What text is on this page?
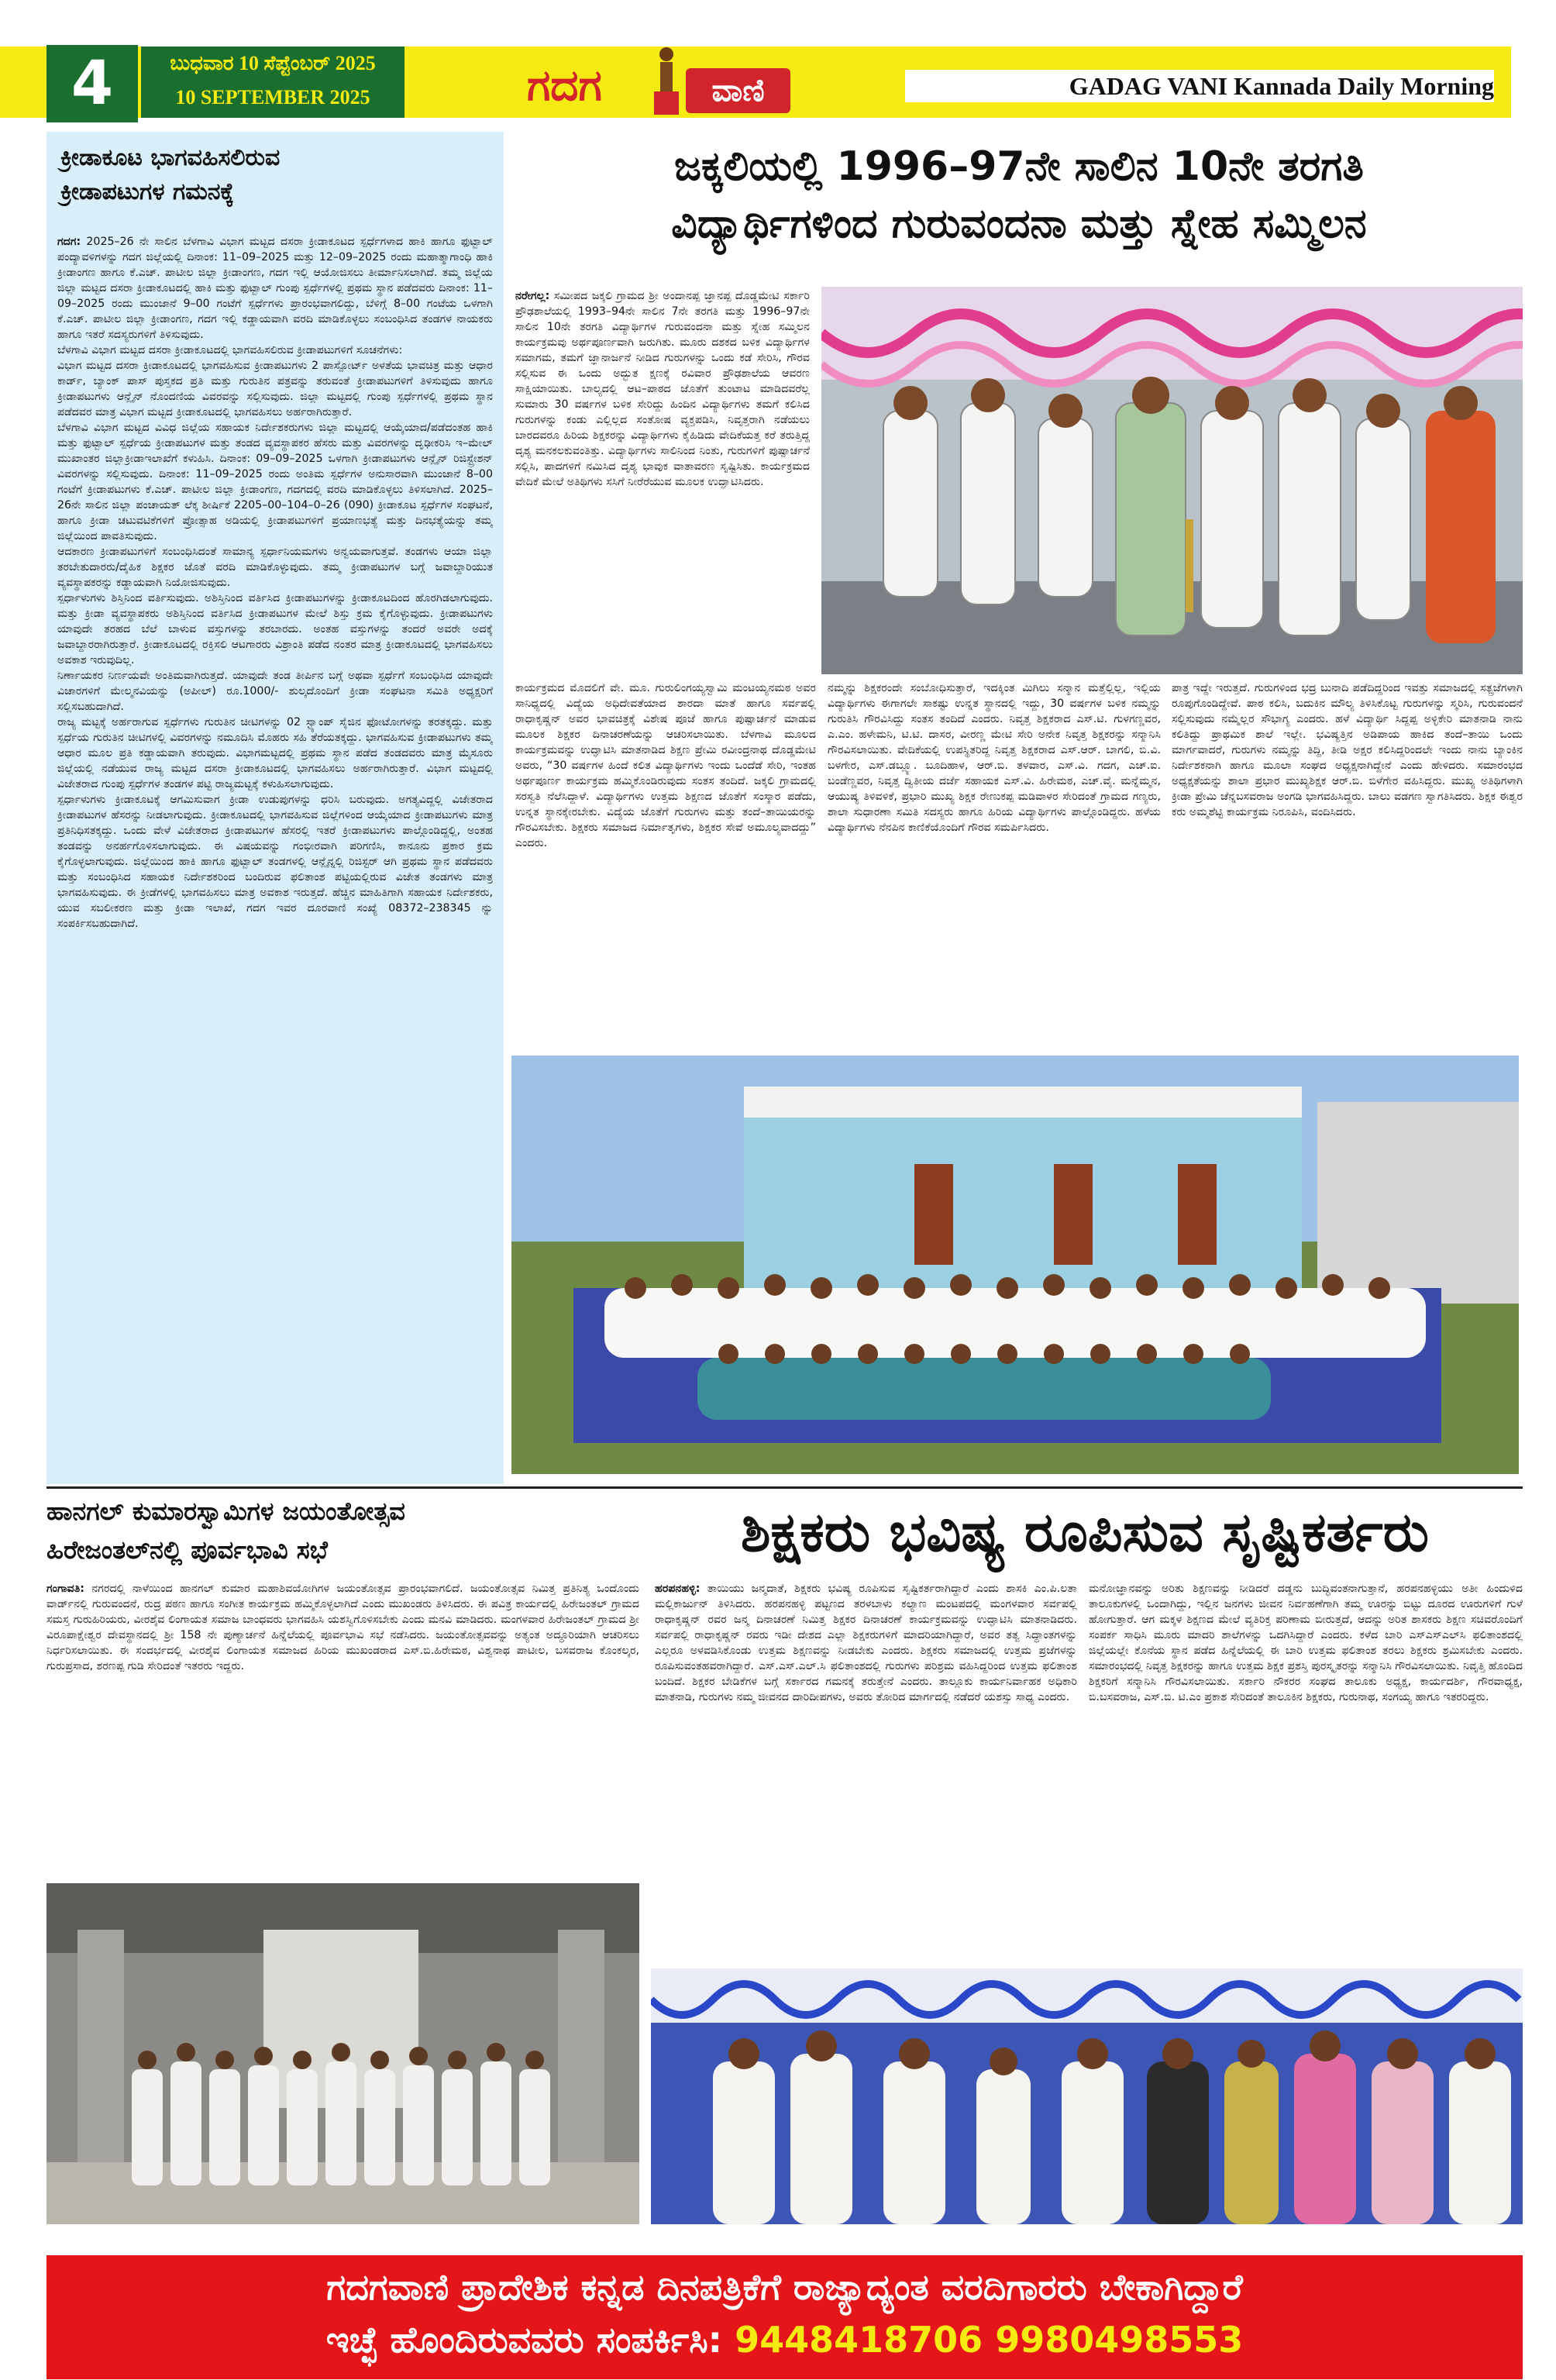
4	ಬುಧವಾರ 10 ಸೆಪ್ಟೆಂಬರ್ 2025
10 SEPTEMBER 2025	ಗದಗ	ವಾಣಿ	GADAG VANI Kannada Daily Morning
ಕ್ರೀಡಾಕೂಟ ಭಾಗವಹಿಸಲಿರುವ
ಕ್ರೀಡಾಪಟುಗಳ ಗಮನಕ್ಕೆ

ಗದಗ: 2025–26 ನೇ ಸಾಲಿನ ಬೆಳಗಾವಿ ವಿಭಾಗ ಮಟ್ಟದ ದಸರಾ ಕ್ರೀಡಾಕೂಟದ ಸ್ಪರ್ಧೆಗಳಾದ ಹಾಕಿ ಹಾಗೂ ಫುಟ್ಬಾಲ್ ಪಂದ್ಯಾವಳಿಗಳನ್ನು ಗದಗ ಜಿಲ್ಲೆಯಲ್ಲಿ ದಿನಾಂಕ: 11–09–2025 ಮತ್ತು 12–09–2025 ರಂದು ಮಹಾತ್ಮಾಗಾಂಧಿ ಹಾಕಿ ಕ್ರೀಡಾಂಗಣ ಹಾಗೂ ಕೆ.ಎಚ್. ಪಾಟೀಲ ಜಿಲ್ಲಾ ಕ್ರೀಡಾಂಗಣ, ಗದಗ ಇಲ್ಲಿ ಆಯೋಜಿಸಲು ತೀರ್ಮಾನಿಸಲಾಗಿದೆ. ತಮ್ಮ ಜಿಲ್ಲೆಯ ಜಿಲ್ಲಾ ಮಟ್ಟದ ದಸರಾ ಕ್ರೀಡಾಕೂಟದಲ್ಲಿ ಹಾಕಿ ಮತ್ತು ಫುಟ್ಬಾಲ್ ಗುಂಪು ಸ್ಪರ್ಧೆಗಳಲ್ಲಿ ಪ್ರಥಮ ಸ್ಥಾನ ಪಡೆದವರು ದಿನಾಂಕ: 11–09–2025 ರಂದು ಮುಂಜಾನೆ 9–00 ಗಂಟೆಗೆ ಸ್ಪರ್ಧೆಗಳು ಪ್ರಾರಂಭವಾಗಲಿದ್ದು, ಬೆಳಿಗ್ಗೆ 8–00 ಗಂಟೆಯ ಒಳಗಾಗಿ ಕೆ.ಎಚ್. ಪಾಟೀಲ ಜಿಲ್ಲಾ ಕ್ರೀಡಾಂಗಣ, ಗದಗ ಇಲ್ಲಿ ಕಡ್ಡಾಯವಾಗಿ ವರದಿ ಮಾಡಿಕೊಳ್ಳಲು ಸಂಬಂಧಿಸಿದ ತಂಡಗಳ ನಾಯಕರು ಹಾಗೂ ಇತರೆ ಸದಸ್ಯರುಗಳಿಗೆ ತಿಳಿಸುವುದು.

ಬೆಳಗಾವಿ ವಿಭಾಗ ಮಟ್ಟದ ದಸರಾ ಕ್ರೀಡಾಕೂಟದಲ್ಲಿ ಭಾಗವಹಿಸಲಿರುವ ಕ್ರೀಡಾಪಟುಗಳಿಗೆ ಸೂಚನೆಗಳು:

ವಿಭಾಗ ಮಟ್ಟದ ದಸರಾ ಕ್ರೀಡಾಕೂಟದಲ್ಲಿ ಭಾಗವಹಿಸುವ ಕ್ರೀಡಾಪಟುಗಳು 2 ಪಾಸ್ಪೋರ್ಟ್ ಅಳತೆಯ ಭಾವಚಿತ್ರ ಮತ್ತು ಆಧಾರ ಕಾರ್ಡ್, ಬ್ಯಾಂಕ್ ಪಾಸ್ ಪುಸ್ತಕದ ಪ್ರತಿ ಮತ್ತು ಗುರುತಿನ ಪತ್ರವನ್ನು ತರುವಂತೆ ಕ್ರೀಡಾಪಟುಗಳಿಗೆ ತಿಳಿಸುವುದು ಹಾಗೂ ಕ್ರೀಡಾಪಟುಗಳು ಆನ್ಲೈನ್ ನೊಂದಣಿಯ ವಿವರವನ್ನು ಸಲ್ಲಿಸುವುದು. ಜಿಲ್ಲಾ ಮಟ್ಟದಲ್ಲಿ ಗುಂಪು ಸ್ಪರ್ಧೆಗಳಲ್ಲಿ ಪ್ರಥಮ ಸ್ಥಾನ ಪಡೆದವರ ಮಾತ್ರ ವಿಭಾಗ ಮಟ್ಟದ ಕ್ರೀಡಾಕೂಟದಲ್ಲಿ ಭಾಗವಹಿಸಲು ಅರ್ಹರಾಗಿರುತ್ತಾರೆ.

ಬೆಳಗಾವಿ ವಿಭಾಗ ಮಟ್ಟದ ವಿವಿಧ ಜಿಲ್ಲೆಯ ಸಹಾಯಕ ನಿರ್ದೇಶಕರುಗಳು ಜಿಲ್ಲಾ ಮಟ್ಟದಲ್ಲಿ ಆಯ್ಕೆಯಾದ/ಪಡೆದಂತಹ ಹಾಕಿ ಮತ್ತು ಫುಟ್ಬಾಲ್ ಸ್ಪರ್ಧೆಯ ಕ್ರೀಡಾಪಟುಗಳ ಮತ್ತು ತಂಡದ ವ್ಯವಸ್ಥಾಪಕರ ಹೆಸರು ಮತ್ತು ವಿವರಗಳನ್ನು ದೃಢೀಕರಿಸಿ ಇ–ಮೇಲ್ ಮುಖಾಂತರ ಜಿಲ್ಲಾಕ್ರೀಡಾಇಲಾಖೆಗೆ ಕಳುಹಿಸಿ. ದಿನಾಂಕ: 09–09–2025 ಒಳಗಾಗಿ ಕ್ರೀಡಾಪಟುಗಳು ಆನ್ಲೈನ್ ರಿಜಿಸ್ಟ್ರೇಶನ್ ವಿವರಗಳನ್ನು ಸಲ್ಲಿಸುವುದು. ದಿನಾಂಕ: 11–09–2025 ರಂದು ಅಂತಿಮ ಸ್ಪರ್ಧೆಗಳ ಅನುಸಾರವಾಗಿ ಮುಂಜಾನೆ 8–00 ಗಂಟೆಗೆ ಕ್ರೀಡಾಪಟುಗಳು ಕೆ.ಎಚ್. ಪಾಟೀಲ ಜಿಲ್ಲಾ ಕ್ರೀಡಾಂಗಣ, ಗದಗದಲ್ಲಿ ವರದಿ ಮಾಡಿಕೊಳ್ಳಲು ತಿಳಿಸಲಾಗಿದೆ. 2025–26ನೇ ಸಾಲಿನ ಜಿಲ್ಲಾ ಪಂಚಾಯತ್ ಲೆಕ್ಕ ಶೀರ್ಷಿಕೆ 2205–00–104–0–26 (090) ಕ್ರೀಡಾಕೂಟ ಸ್ಪರ್ಧೆಗಳ ಸಂಘಟನೆ, ಹಾಗೂ ಕ್ರೀಡಾ ಚಟುವಟಿಕೆಗಳಿಗೆ ಪ್ರೋತ್ಸಾಹ ಅಡಿಯಲ್ಲಿ ಕ್ರೀಡಾಪಟುಗಳಿಗೆ ಪ್ರಯಾಣಭತ್ಯೆ ಮತ್ತು ದಿನಭತ್ಯೆಯನ್ನು ತಮ್ಮ ಜಿಲ್ಲೆಯಿಂದ ಪಾವತಿಸುವುದು.

ಆದಕಾರಣ ಕ್ರೀಡಾಪಟುಗಳಿಗೆ ಸಂಬಂಧಿಸಿದಂತೆ ಸಾಮಾನ್ಯ ಸ್ಪರ್ಧಾನಿಯಮಗಳು ಅನ್ವಯವಾಗುತ್ತವೆ. ತಂಡಗಳು ಆಯಾ ಜಿಲ್ಲಾ ತರಬೇತುದಾರರು/ದೈಹಿಕ ಶಿಕ್ಷಕರ ಜೊತೆ ವರದಿ ಮಾಡಿಕೊಳ್ಳುವುದು. ತಮ್ಮ ಕ್ರೀಡಾಪಟುಗಳ ಬಗ್ಗೆ ಜವಾಬ್ದಾರಿಯುತ ವ್ಯವಸ್ಥಾಪಕರನ್ನು ಕಡ್ಡಾಯವಾಗಿ ನಿಯೋಜಿಸುವುದು.

ಸ್ಪರ್ಧಾಳುಗಳು ಶಿಸ್ತಿನಿಂದ ವರ್ತಿಸುವುದು. ಅಶಿಸ್ತಿನಿಂದ ವರ್ತಿಸಿದ ಕ್ರೀಡಾಪಟುಗಳನ್ನು ಕ್ರೀಡಾಕೂಟದಿಂದ ಹೊರಗಿಡಲಾಗುವುದು. ಮತ್ತು ಕ್ರೀಡಾ ವ್ಯವಸ್ಥಾಪಕರು ಅಶಿಸ್ತಿನಿಂದ ವರ್ತಿಸಿದ ಕ್ರೀಡಾಪಟುಗಳ ಮೇಲೆ ಶಿಸ್ತು ಕ್ರಮ ಕೈಗೊಳ್ಳುವುದು. ಕ್ರೀಡಾಪಟುಗಳು ಯಾವುದೇ ತರಹದ ಬೆಲೆ ಬಾಳುವ ವಸ್ತುಗಳನ್ನು ತರಬಾರದು. ಅಂತಹ ವಸ್ತುಗಳನ್ನು ತಂದರೆ ಅವರೇ ಅದಕ್ಕೆ ಜವಾಬ್ದಾರರಾಗಿರುತ್ತಾರೆ. ಕ್ರೀಡಾಕೂಟದಲ್ಲಿ ರಕ್ತಿಸಲಿ ಆಟಗಾರರು ವಿಶ್ರಾಂತಿ ಪಡೆದ ನಂತರ ಮಾತ್ರ ಕ್ರೀಡಾಕೂಟದಲ್ಲಿ ಭಾಗವಹಿಸಲು ಅವಕಾಶ ಇರುವುದಿಲ್ಲ.

ನಿರ್ಣಾಯಕರ ನಿರ್ಣಯವೇ ಅಂತಿಮವಾಗಿರುತ್ತದೆ. ಯಾವುದೇ ತಂಡ ತೀರ್ಪಿನ ಬಗ್ಗೆ ಅಥವಾ ಸ್ಪರ್ಧೆಗೆ ಸಂಬಂಧಿಸಿದ ಯಾವುದೇ ವಿಚಾರಗಳಿಗೆ ಮೇಲ್ಮನವಿಯನ್ನು (ಅಪೀಲ್) ರೂ.1000/- ಶುಲ್ಕದೊಂದಿಗೆ ಕ್ರೀಡಾ ಸಂಘಟನಾ ಸಮಿತಿ ಅಧ್ಯಕ್ಷರಿಗೆ ಸಲ್ಲಿಸಬಹುದಾಗಿದೆ.

ರಾಜ್ಯ ಮಟ್ಟಕ್ಕೆ ಅರ್ಹರಾಗುವ ಸ್ಪರ್ಧೆಗಳು ಗುರುತಿನ ಚೀಟಿಗಳನ್ನು 02 ಸ್ಟ್ಯಾಂಪ್ ಸೈಜಿನ ಫೋಟೋಗಳನ್ನು ತರತಕ್ಕದ್ದು. ಮತ್ತು ಸ್ಪರ್ಧೆಯ ಗುರುತಿನ ಚೀಟಿಗಳಲ್ಲಿ ವಿವರಗಳನ್ನು ನಮೂದಿಸಿ ಮೊಹರು ಸಹಿ ತೆರೆಯತಕ್ಕದ್ದು. ಭಾಗವಹಿಸುವ ಕ್ರೀಡಾಪಟುಗಳು ತಮ್ಮ ಆಧಾರ ಮೂಲ ಪ್ರತಿ ಕಡ್ಡಾಯವಾಗಿ ತರುವುದು. ವಿಭಾಗಮಟ್ಟದಲ್ಲಿ ಪ್ರಥಮ ಸ್ಥಾನ ಪಡೆದ ತಂಡದವರು ಮಾತ್ರ ಮೈಸೂರು ಜಿಲ್ಲೆಯಲ್ಲಿ ನಡೆಯುವ ರಾಜ್ಯ ಮಟ್ಟದ ದಸರಾ ಕ್ರೀಡಾಕೂಟದಲ್ಲಿ ಭಾಗವಹಿಸಲು ಅರ್ಹರಾಗಿರುತ್ತಾರೆ. ವಿಭಾಗ ಮಟ್ಟದಲ್ಲಿ ವಿಜೇತರಾದ ಗುಂಪು ಸ್ಪರ್ಧೆಗಳ ತಂಡಗಳ ಪಟ್ಟಿ ರಾಜ್ಯಮಟ್ಟಕ್ಕೆ ಕಳುಹಿಸಲಾಗುವುದು.

ಸ್ಪರ್ಧಾಳುಗಳು ಕ್ರೀಡಾಕೂಟಕ್ಕೆ ಆಗಮಿಸುವಾಗ ಕ್ರೀಡಾ ಉಡುಪುಗಳನ್ನು ಧರಿಸಿ ಬರುವುದು. ಅಗತ್ಯವಿದ್ದಲ್ಲಿ ವಿಜೇತರಾದ ಕ್ರೀಡಾಪಟುಗಳ ಹೆಸರನ್ನು ನೀಡಲಾಗುವುದು. ಕ್ರೀಡಾಕೂಟದಲ್ಲಿ ಭಾಗವಹಿಸುವ ಜಿಲ್ಲೆಗಳಿಂದ ಆಯ್ಕೆಯಾದ ಕ್ರೀಡಾಪಟುಗಳು ಮಾತ್ರ ಪ್ರತಿನಿಧಿಸತಕ್ಕದ್ದು. ಒಂದು ವೇಳೆ ವಿಜೇತರಾದ ಕ್ರೀಡಾಪಟುಗಳ ಹೆಸರಲ್ಲಿ ಇತರೆ ಕ್ರೀಡಾಪಟುಗಳು ಪಾಲ್ಗೊಂಡಿದ್ದಲ್ಲಿ, ಅಂತಹ ತಂಡವನ್ನು ಅನರ್ಹಗೊಳಿಸಲಾಗುವುದು. ಈ ವಿಷಯವನ್ನು ಗಂಭೀರವಾಗಿ ಪರಿಗಣಿಸಿ, ಕಾನೂನು ಪ್ರಕಾರ ಕ್ರಮ ಕೈಗೊಳ್ಳಲಾಗುವುದು. ಜಿಲ್ಲೆಯಿಂದ ಹಾಕಿ ಹಾಗೂ ಫುಟ್ಬಾಲ್ ತಂಡಗಳಲ್ಲಿ ಆನ್ಲೈನ್ನಲ್ಲಿ ರಿಜಿಸ್ಟರ್ ಆಗಿ ಪ್ರಥಮ ಸ್ಥಾನ ಪಡೆದವರು ಮತ್ತು ಸಂಬಂಧಿಸಿದ ಸಹಾಯಕ ನಿರ್ದೇಶಕರಿಂದ ಬಂದಿರುವ ಫಲಿತಾಂಶ ಪಟ್ಟಿಯಲ್ಲಿರುವ ವಿಜೇತ ತಂಡಗಳು ಮಾತ್ರ ಭಾಗವಹಿಸುವುದು. ಈ ಕ್ರೀಡೆಗಳಲ್ಲಿ ಭಾಗವಹಿಸಲು ಮಾತ್ರ ಅವಕಾಶ ಇರುತ್ತದೆ. ಹೆಚ್ಚಿನ ಮಾಹಿತಿಗಾಗಿ ಸಹಾಯಕ ನಿರ್ದೇಶಕರು, ಯುವ ಸಬಲೀಕರಣ ಮತ್ತು ಕ್ರೀಡಾ ಇಲಾಖೆ, ಗದಗ ಇವರ ದೂರವಾಣಿ ಸಂಖ್ಯೆ 08372–238345 ನ್ನು ಸಂಪರ್ಕಿಸಬಹುದಾಗಿದೆ.

ಜಕ್ಕಲಿಯಲ್ಲಿ 1996–97ನೇ ಸಾಲಿನ 10ನೇ ತರಗತಿ
ವಿದ್ಯಾರ್ಥಿಗಳಿಂದ ಗುರುವಂದನಾ ಮತ್ತು ಸ್ನೇಹ ಸಮ್ಮಿಲನ

ನರೇಗಲ್ಲ: ಸಮೀಪದ ಜಕ್ಕಲಿ ಗ್ರಾಮದ ಶ್ರೀ ಅಂದಾನಪ್ಪ ಜ್ಞಾನಪ್ಪ ದೊಡ್ಡಮೇಟಿ ಸರ್ಕಾರಿ ಪ್ರೌಢಶಾಲೆಯಲ್ಲಿ 1993–94ನೇ ಸಾಲಿನ 7ನೇ ತರಗತಿ ಮತ್ತು 1996–97ನೇ ಸಾಲಿನ 10ನೇ ತರಗತಿ ವಿದ್ಯಾರ್ಥಿಗಳ ಗುರುವಂದನಾ ಮತ್ತು ಸ್ನೇಹ ಸಮ್ಮಿಲನ ಕಾರ್ಯಕ್ರಮವು ಅರ್ಥಪೂರ್ಣವಾಗಿ ಜರುಗಿತು. ಮೂರು ದಶಕದ ಬಳಿಕ ವಿದ್ಯಾರ್ಥಿಗಳ ಸಮಾಗಮ, ತಮಗೆ ಜ್ಞಾನಾರ್ಜನೆ ನೀಡಿದ ಗುರುಗಳನ್ನು ಒಂದು ಕಡೆ ಸೇರಿಸಿ, ಗೌರವ ಸಲ್ಲಿಸುವ ಈ ಒಂದು ಅದ್ಭುತ ಕ್ಷಣಕ್ಕೆ ರವಿವಾರ ಪ್ರೌಢಶಾಲೆಯ ಆವರಣ ಸಾಕ್ಷಿಯಾಯಿತು. ಬಾಲ್ಯದಲ್ಲಿ ಆಟ–ಪಾಠದ ಜೊತೆಗೆ ತುಂಟಾಟ ಮಾಡಿದವರೆಲ್ಲ ಸುಮಾರು 30 ವರ್ಷಗಳ ಬಳಿಕ ಸೇರಿದ್ದು ಹಿಂದಿನ ವಿದ್ಯಾರ್ಥಿಗಳು ತಮಗೆ ಕಲಿಸಿದ ಗುರುಗಳನ್ನು ಕಂಡು ಎಲ್ಲಿಲ್ಲದ ಸಂತೋಷ ವ್ಯಕ್ತಪಡಿಸಿ, ನಿವೃತ್ತರಾಗಿ ನಡೆಯಲು ಬಾರದವರೂ ಹಿರಿಯ ಶಿಕ್ಷಕರನ್ನು ವಿದ್ಯಾರ್ಥಿಗಳು ಕೈಹಿಡಿದು ವೇದಿಕೆಯತ್ತ ಕರೆ ತರುತ್ತಿದ್ದ ದೃಶ್ಯ ಮನಕಲಕುವಂತಿತ್ತು. ವಿದ್ಯಾರ್ಥಿಗಳು ಸಾಲಿನಿಂದ ನಿಂತು, ಗುರುಗಳಿಗೆ ಪುಷ್ಪಾರ್ಚನೆ ಸಲ್ಲಿಸಿ, ಪಾದಗಳಿಗೆ ನಮಿಸಿದ ದೃಶ್ಯ ಭಾವುಕ ವಾತಾವರಣ ಸೃಷ್ಟಿಸಿತು. ಕಾರ್ಯಕ್ರಮದ ವೇದಿಕೆ ಮೇಲೆ ಅತಿಥಿಗಳು ಸಸಿಗೆ ನೀರೆರೆಯುವ ಮೂಲಕ ಉದ್ಘಾಟಿಸಿದರು.

ಕಾರ್ಯಕ್ರಮದ ಮೊದಲಿಗೆ ವೇ. ಮೂ. ಗುರುಲಿಂಗಯ್ಯಸ್ವಾಮಿ ಮಂಟಯ್ಯನಮಠ ಅವರ ಸಾನಿಧ್ಯದಲ್ಲಿ ವಿದ್ಯೆಯ ಅಧಿದೇವತೆಯಾದ ಶಾರದಾ ಮಾತೆ ಹಾಗೂ ಸರ್ವಪಲ್ಲಿ ರಾಧಾಕೃಷ್ಣನ್ ಅವರ ಭಾವಚಿತ್ರಕ್ಕೆ ವಿಶೇಷ ಪೂಜೆ ಹಾಗೂ ಪುಷ್ಪಾರ್ಚನೆ ಮಾಡುವ ಮೂಲಕ ಶಿಕ್ಷಕರ ದಿನಾಚರಣೆಯನ್ನು ಆಚರಿಸಲಾಯಿತು. ಬೆಳಗಾವಿ ಮೂಲದ ಕಾರ್ಯಕ್ರಮವನ್ನು ಉದ್ಘಾಟಿಸಿ ಮಾತನಾಡಿದ ಶಿಕ್ಷಣ ಪ್ರೇಮಿ ರವೀಂದ್ರನಾಥ ದೊಡ್ಡಮೇಟಿ ಅವರು, “30 ವರ್ಷಗಳ ಹಿಂದೆ ಕಲಿತ ವಿದ್ಯಾರ್ಥಿಗಳು ಇಂದು ಒಂದೆಡೆ ಸೇರಿ, ಇಂತಹ ಅರ್ಥಪೂರ್ಣ ಕಾರ್ಯಕ್ರಮ ಹಮ್ಮಿಕೊಂಡಿರುವುದು ಸಂತಸ ತಂದಿದೆ. ಜಕ್ಕಲಿ ಗ್ರಾಮದಲ್ಲಿ ಸರಸ್ವತಿ ನೆಲೆಸಿದ್ದಾಳೆ. ವಿದ್ಯಾರ್ಥಿಗಳು ಉತ್ತಮ ಶಿಕ್ಷಣದ ಜೊತೆಗೆ ಸಂಸ್ಕಾರ ಪಡೆದು, ಉನ್ನತ ಸ್ಥಾನಕ್ಕೇರಬೇಕು. ವಿದ್ಯೆಯ ಜೊತೆಗೆ ಗುರುಗಳು ಮತ್ತು ತಂದೆ–ತಾಯಿಯರನ್ನು ಗೌರವಿಸಬೇಕು. ಶಿಕ್ಷಕರು ಸಮಾಜದ ನಿರ್ಮಾತೃಗಳು, ಶಿಕ್ಷಕರ ಸೇವೆ ಅಮೂಲ್ಯವಾದದ್ದು” ಎಂದರು.
ನಮ್ಮನ್ನು ಶಿಕ್ಷಕರಂದೇ ಸಂಬೋಧಿಸುತ್ತಾರೆ, ಇದಕ್ಕಿಂತ ಮಿಗಿಲು ಸನ್ಮಾನ ಮತ್ತೆಲ್ಲಿಲ್ಲ, ಇಲ್ಲಿಯ ವಿದ್ಯಾರ್ಥಿಗಳು ಈಗಾಗಲೇ ಸಾಕಷ್ಟು ಉನ್ನತ ಸ್ಥಾನದಲ್ಲಿ ಇದ್ದು, 30 ವರ್ಷಗಳ ಬಳಿಕ ನಮ್ಮನ್ನು ಗುರುತಿಸಿ ಗೌರವಿಸಿದ್ದು ಸಂತಸ ತಂದಿದೆ ಎಂದರು. ನಿವೃತ್ತ ಶಿಕ್ಷಕರಾದ ಎಸ್.ಟಿ. ಗುಳಗಣ್ಣವರ, ಎ.ಎಂ. ಹಳೇಮನಿ, ಟಿ.ಟಿ. ದಾಸರ, ವೀರಣ್ಣ ಮೇಟಿ ಸೇರಿ ಅನೇಕ ನಿವೃತ್ತ ಶಿಕ್ಷಕರನ್ನು ಸನ್ಮಾನಿಸಿ ಗೌರವಿಸಲಾಯಿತು. ವೇದಿಕೆಯಲ್ಲಿ ಉಪಸ್ಥಿತರಿದ್ದ ನಿವೃತ್ತ ಶಿಕ್ಷಕರಾದ ಎಸ್.ಆರ್. ಬಾಗಲಿ, ಬಿ.ವಿ. ಬಳಗೇರ, ಎಸ್.ಡಬ್ಲ್ಯೂ. ಬೂದಿಹಾಳ, ಆರ್.ಬಿ. ತಳವಾರ, ಎಸ್.ವಿ. ಗದಗ, ಎಚ್.ಐ. ಬಂಡೆಣ್ಣವರ, ನಿವೃತ್ತ ದ್ವಿತೀಯ ದರ್ಜೆ ಸಹಾಯಕ ಎಸ್.ವಿ. ಹಿರೇಮಠ, ಎಚ್.ವೈ. ಮನ್ನೆಮ್ಮನ, ಆಯುಷ್ಯ ತಿಳಿವಳಿಕೆ, ಪ್ರಭಾರಿ ಮುಖ್ಯ ಶಿಕ್ಷಕ ರೇಣುಕಪ್ಪ ಮಡಿವಾಳರ ಸೇರಿದಂತೆ ಗ್ರಾಮದ ಗಣ್ಯರು, ಶಾಲಾ ಸುಧಾರಣಾ ಸಮಿತಿ ಸದಸ್ಯರು ಹಾಗೂ ಹಿರಿಯ ವಿದ್ಯಾರ್ಥಿಗಳು ಪಾಲ್ಗೊಂಡಿದ್ದರು. ಹಳೆಯ ವಿದ್ಯಾರ್ಥಿಗಳು ನೆನಪಿನ ಕಾಣಿಕೆಯೊಂದಿಗೆ ಗೌರವ ಸಮರ್ಪಿಸಿದರು.
ಪಾತ್ರ ಇದ್ದೇ ಇರುತ್ತದೆ. ಗುರುಗಳಿಂದ ಭದ್ರ ಬುನಾದಿ ಪಡೆದಿದ್ದರಿಂದ ಇವತ್ತು ಸಮಾಜದಲ್ಲಿ ಸತ್ಪ್ರಜೆಗಳಾಗಿ ರೂಪುಗೊಂಡಿದ್ದೇವೆ. ಪಾಠ ಕಲಿಸಿ, ಬದುಕಿನ ಮೌಲ್ಯ ತಿಳಿಸಿಕೊಟ್ಟ ಗುರುಗಳನ್ನು ಸ್ಮರಿಸಿ, ಗುರುವಂದನೆ ಸಲ್ಲಿಸುವುದು ನಮ್ಮೆಲ್ಲರ ಸೌಭಾಗ್ಯ ಎಂದರು. ಹಳೆ ವಿದ್ಯಾರ್ಥಿ ಸಿದ್ದಪ್ಪ ಅಳ್ಳಿಕೇರಿ ಮಾತನಾಡಿ ನಾನು ಕಲಿತಿದ್ದು ಪ್ರಾಥಮಿಕ ಶಾಲೆ ಇಲ್ಲೇ. ಭವಿಷ್ಯತ್ತಿನ ಅಡಿಪಾಯ ಹಾಕಿದ ತಂದೆ–ತಾಯಿ ಒಂದು ಮಾರ್ಗವಾದರೆ, ಗುರುಗಳು ನಮ್ಮನ್ನು ತಿದ್ದಿ, ತೀಡಿ ಅಕ್ಷರ ಕಲಿಸಿದ್ದರಿಂದಲೇ ಇಂದು ನಾನು ಬ್ಯಾಂಕಿನ ನಿರ್ದೇಶಕನಾಗಿ ಹಾಗೂ ಮೂಲಾ ಸಂಘದ ಅಧ್ಯಕ್ಷನಾಗಿದ್ದೇನೆ ಎಂದು ಹೇಳಿದರು. ಸಮಾರಂಭದ ಅಧ್ಯಕ್ಷತೆಯನ್ನು ಶಾಲಾ ಪ್ರಭಾರ ಮುಖ್ಯಶಿಕ್ಷಕ ಆರ್.ಬಿ. ಬಿಳೆಗೇರ ವಹಿಸಿದ್ದರು. ಮುಖ್ಯ ಅತಿಥಿಗಳಾಗಿ ಕ್ರೀಡಾ ಪ್ರೇಮಿ ಚೆನ್ನಬಸವರಾಜ ಅಂಗಡಿ ಭಾಗವಹಿಸಿದ್ದರು. ಬಾಲು ವಡಗಣ ಸ್ವಾಗತಿಸಿದರು. ಶಿಕ್ಷಕ ಈಶ್ವರ ಕರು ಅಮ್ಮಶೆಟ್ಟಿ ಕಾರ್ಯಕ್ರಮ ನಿರೂಪಿಸಿ, ವಂದಿಸಿದರು.
ಹಾನಗಲ್ ಕುಮಾರಸ್ವಾಮಿಗಳ ಜಯಂತೋತ್ಸವ
ಹಿರೇಜಂತಲ್‌ನಲ್ಲಿ ಪೂರ್ವಭಾವಿ ಸಭೆ

ಗಂಗಾವತಿ: ನಗರದಲ್ಲಿ ನಾಳೆಯಿಂದ ಹಾನಗಲ್ ಕುಮಾರ ಮಹಾಶಿವಯೋಗಿಗಳ ಜಯಂತೋತ್ಸವ ಪ್ರಾರಂಭವಾಗಲಿದೆ. ಜಯಂತೋತ್ಸವ ನಿಮಿತ್ತ ಪ್ರತಿನಿತ್ಯ ಒಂದೊಂದು ವಾರ್ಡ್‌ನಲ್ಲಿ ಗುರುವಂದನೆ, ರುದ್ರ ಪಠಣ ಹಾಗೂ ಸಂಗೀತ ಕಾರ್ಯಕ್ರಮ ಹಮ್ಮಿಕೊಳ್ಳಲಾಗಿದೆ ಎಂದು ಮುಖಂಡರು ತಿಳಿಸಿದರು. ಈ ಪವಿತ್ರ ಕಾರ್ಯದಲ್ಲಿ ಹಿರೇಜಂತಲ್ ಗ್ರಾಮದ ಸಮಸ್ತ ಗುರುಹಿರಿಯರು, ವೀರಶೈವ ಲಿಂಗಾಯತ ಸಮಾಜ ಬಾಂಧವರು ಭಾಗವಹಿಸಿ ಯಶಸ್ವಿಗೊಳಿಸಬೇಕು ಎಂದು ಮನವಿ ಮಾಡಿದರು. ಮಂಗಳವಾರ ಹಿರೇಜಂತಲ್ ಗ್ರಾಮದ ಶ್ರೀ ವಿರೂಪಾಕ್ಷೇಶ್ವರ ದೇವಸ್ಥಾನದಲ್ಲಿ ಶ್ರೀ 158 ನೇ ಪುಣ್ಯಾರ್ಚನೆ ಹಿನ್ನೆಲೆಯಲ್ಲಿ ಪೂರ್ವಭಾವಿ ಸಭೆ ನಡೆಸಿದರು. ಜಯಂತೋತ್ಸವವನ್ನು ಅತ್ಯಂತ ಅದ್ಧೂರಿಯಾಗಿ ಆಚರಿಸಲು ನಿರ್ಧರಿಸಲಾಯಿತು. ಈ ಸಂದರ್ಭದಲ್ಲಿ ವೀರಶೈವ ಲಿಂಗಾಯತ ಸಮಾಜದ ಹಿರಿಯ ಮುಖಂಡರಾದ ಎಸ್.ಬಿ.ಹಿರೇಮಠ, ವಿಶ್ವನಾಥ ಪಾಟೀಲ, ಬಸವರಾಜ ಕೊಂಕಲ್ಕರ, ಗುರುಪ್ರಸಾದ, ಶರಣಪ್ಪ ಗುಡಿ ಸೇರಿದಂತೆ ಇತರರು ಇದ್ದರು.

ಶಿಕ್ಷಕರು ಭವಿಷ್ಯ ರೂಪಿಸುವ ಸೃಷ್ಟಿಕರ್ತರು

ಹರಪನಹಳ್ಳಿ: ತಾಯಿಯು ಜನ್ಮದಾತೆ, ಶಿಕ್ಷಕರು ಭವಿಷ್ಯ ರೂಪಿಸುವ ಸೃಷ್ಟಿಕರ್ತರಾಗಿದ್ದಾರೆ ಎಂದು ಶಾಸಕಿ ಎಂ.ಪಿ.ಲತಾ ಮಲ್ಲಿಕಾರ್ಜುನ್ ತಿಳಿಸಿದರು. ಹರಪನಹಳ್ಳಿ ಪಟ್ಟಣದ ತರಳಬಾಳು ಕಲ್ಯಾಣ ಮಂಟಪದಲ್ಲಿ ಮಂಗಳವಾರ ಸರ್ವಪಲ್ಲಿ ರಾಧಾಕೃಷ್ಣನ್ ರವರ ಜನ್ಮ ದಿನಾಚರಣೆ ನಿಮಿತ್ತ ಶಿಕ್ಷಕರ ದಿನಾಚರಣೆ ಕಾರ್ಯಕ್ರಮವನ್ನು ಉದ್ಘಾಟಿಸಿ ಮಾತನಾಡಿದರು. ಸರ್ವಪಲ್ಲಿ ರಾಧಾಕೃಷ್ಣನ್ ರವರು ಇಡೀ ದೇಶದ ಎಲ್ಲಾ ಶಿಕ್ಷಕರುಗಳಿಗೆ ಮಾದರಿಯಾಗಿದ್ದಾರೆ, ಅವರ ತತ್ವ ಸಿದ್ಧಾಂತಗಳನ್ನು ಎಲ್ಲರೂ ಅಳವಡಿಸಿಕೊಂಡು ಉತ್ತಮ ಶಿಕ್ಷಣವನ್ನು ನೀಡಬೇಕು ಎಂದರು. ಶಿಕ್ಷಕರು ಸಮಾಜದಲ್ಲಿ ಉತ್ತಮ ಪ್ರಜೆಗಳನ್ನು ರೂಪಿಸುವಂತಹವರಾಗಿದ್ದಾರೆ. ಎಸ್.ಎಸ್.ಎಲ್.ಸಿ ಫಲಿತಾಂಶದಲ್ಲಿ ಗುರುಗಳು ಪರಿಶ್ರಮ ವಹಿಸಿದ್ದರಿಂದ ಉತ್ತಮ ಫಲಿತಾಂಶ ಬಂದಿದೆ. ಶಿಕ್ಷಕರ ಬೇಡಿಕೆಗಳ ಬಗ್ಗೆ ಸರ್ಕಾರದ ಗಮನಕ್ಕೆ ತರುತ್ತೇನೆ ಎಂದರು. ತಾಲ್ಲೂಕು ಕಾರ್ಯನಿರ್ವಾಹಕ ಅಧಿಕಾರಿ ಮಾತನಾಡಿ, ಗುರುಗಳು ನಮ್ಮ ಜೀವನದ ದಾರಿದೀಪಗಳು, ಅವರು ತೋರಿದ ಮಾರ್ಗದಲ್ಲಿ ನಡೆದರೆ ಯಶಸ್ಸು ಸಾಧ್ಯ ಎಂದರು.

ಮನೋಜ್ಞಾನವನ್ನು ಅರಿತು ಶಿಕ್ಷಣವನ್ನು ನೀಡಿದರೆ ದಡ್ಡನು ಬುದ್ಧಿವಂತನಾಗುತ್ತಾನೆ, ಹರಪನಹಳ್ಳಿಯು ಅತೀ ಹಿಂದುಳಿದ ತಾಲೂಕುಗಳಲ್ಲಿ ಒಂದಾಗಿದ್ದು, ಇಲ್ಲಿನ ಜನಗಳು ಜೀವನ ನಿರ್ವಹಣೆಗಾಗಿ ತಮ್ಮ ಊರನ್ನು ಬಿಟ್ಟು ದೂರದ ಊರುಗಳಿಗೆ ಗುಳೆ ಹೋಗುತ್ತಾರೆ. ಆಗ ಮಕ್ಕಳ ಶಿಕ್ಷಣದ ಮೇಲೆ ವ್ಯತಿರಿಕ್ತ ಪರಿಣಾಮ ಬೀರುತ್ತದೆ, ಆದನ್ನು ಅರಿತ ಶಾಸಕರು ಶಿಕ್ಷಣ ಸಚಿವರೊಂದಿಗೆ ಸಂಪರ್ಕ ಸಾಧಿಸಿ ಮೂರು ಮಾದರಿ ಶಾಲೆಗಳನ್ನು ಒದಗಿಸಿದ್ದಾರೆ ಎಂದರು. ಕಳೆದ ಬಾರಿ ಎಸ್ಎಸ್ಎಲ್‌ಸಿ ಫಲಿತಾಂಶದಲ್ಲಿ ಜಿಲ್ಲೆಯಲ್ಲೇ ಕೊನೆಯ ಸ್ಥಾನ ಪಡೆದ ಹಿನ್ನೆಲೆಯಲ್ಲಿ ಈ ಬಾರಿ ಉತ್ತಮ ಫಲಿತಾಂಶ ತರಲು ಶಿಕ್ಷಕರು ಶ್ರಮಿಸಬೇಕು ಎಂದರು. ಸಮಾರಂಭದಲ್ಲಿ ನಿವೃತ್ತ ಶಿಕ್ಷಕರನ್ನು ಹಾಗೂ ಉತ್ತಮ ಶಿಕ್ಷಕ ಪ್ರಶಸ್ತಿ ಪುರಸ್ಕೃತರನ್ನು ಸನ್ಮಾನಿಸಿ ಗೌರವಿಸಲಾಯಿತು. ನಿವೃತ್ತಿ ಹೊಂದಿದ ಶಿಕ್ಷಕರಿಗೆ ಸನ್ಮಾನಿಸಿ ಗೌರವಿಸಲಾಯಿತು. ಸರ್ಕಾರಿ ನೌಕರರ ಸಂಘದ ತಾಲೂಕು ಅಧ್ಯಕ್ಷ, ಕಾರ್ಯದರ್ಶಿ, ಗೌರವಾಧ್ಯಕ್ಷ, ಬಿ.ಬಸವರಾಜ, ಎಸ್.ಬಿ. ಟಿ.ಎಂ ಪ್ರಕಾಶ ಸೇರಿದಂತೆ ತಾಲೂಕಿನ ಶಿಕ್ಷಕರು, ಗುರುನಾಥ, ಸಂಗಯ್ಯ ಹಾಗೂ ಇತರರಿದ್ದರು.
ಗದಗವಾಣಿ ಪ್ರಾದೇಶಿಕ ಕನ್ನಡ ದಿನಪತ್ರಿಕೆಗೆ ರಾಜ್ಯಾದ್ಯಂತ ವರದಿಗಾರರು ಬೇಕಾಗಿದ್ದಾರೆ
ಇಚ್ಛೆ ಹೊಂದಿರುವವರು ಸಂಪರ್ಕಿಸಿ: 9448418706 9980498553
